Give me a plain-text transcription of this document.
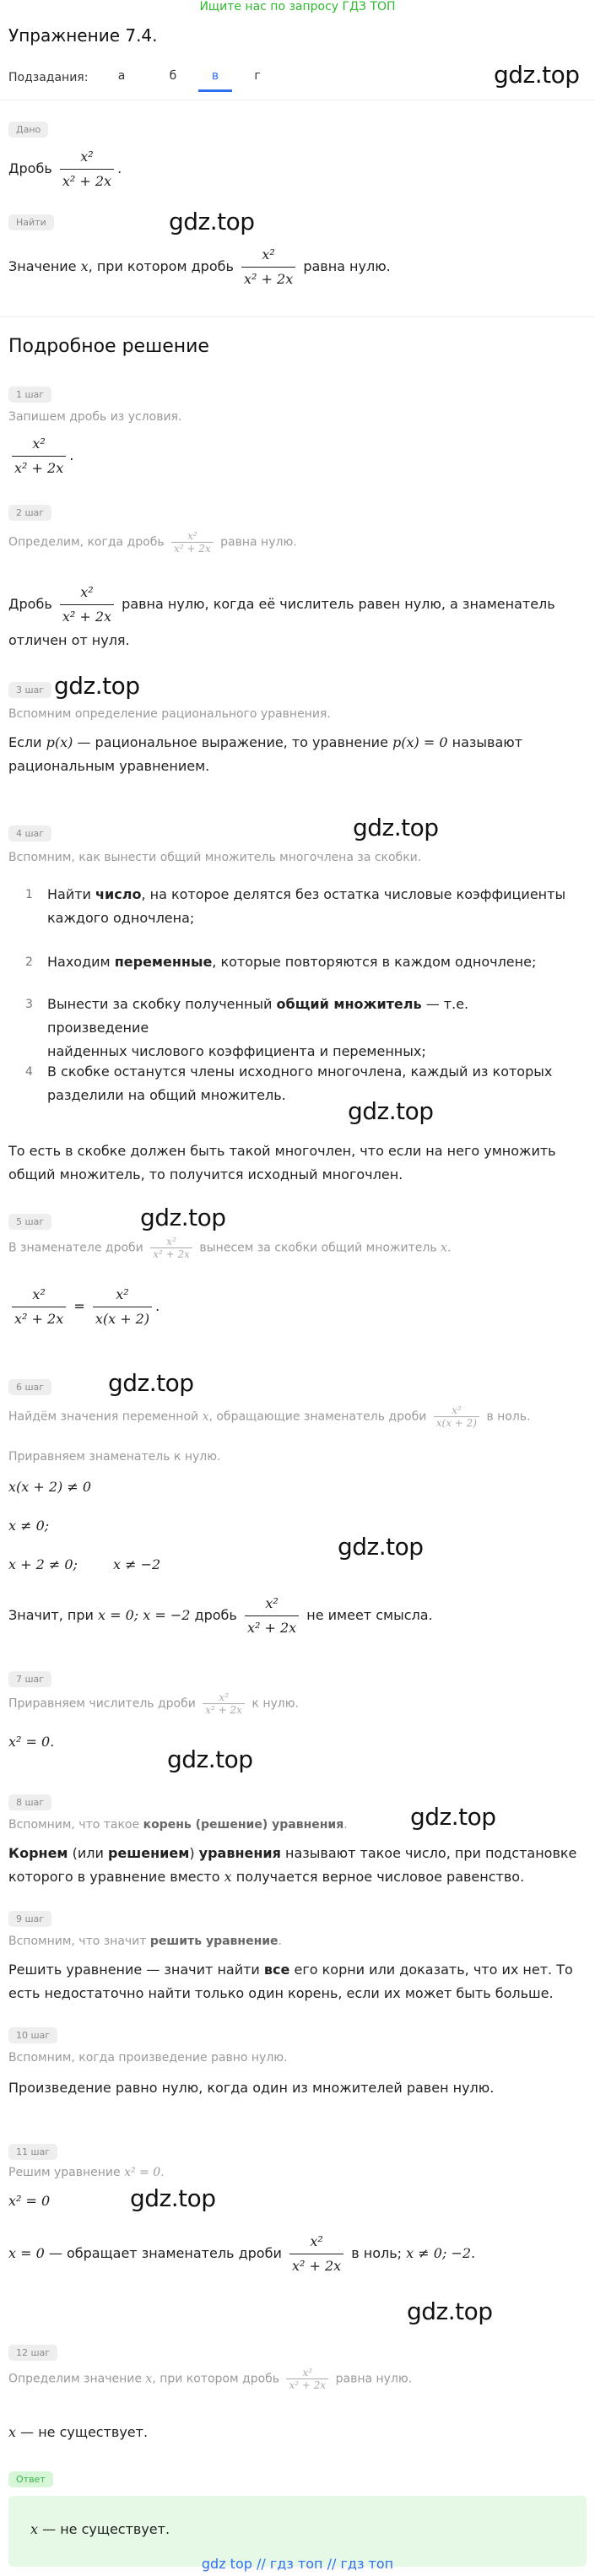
Ищите нас по запросу ГДЗ ТОП
Упражнение 7.4.
Подзадания:	а	б	в	г	gdz.top
Дано
Дробь $\frac{\text{x²}}{\text{x² + 2x}}$ .
Найти	gdz.top
Значение x, при котором дробь $\frac{\text{x²}}{\text{x² + 2x}}$ равна нулю.
Подробное решение
1 шаг
Запишем дробь из условия.
$\frac{\text{x²}}{\text{x² + 2x}}$ .
2 шаг
Определим, когда дробь $\frac{\text{x²}}{\text{x² + 2x}}$ равна нулю.
Дробь $\frac{\text{x²}}{\text{x² + 2x}}$ равна нулю, когда её числитель равен нулю, а знаменатель
отличен от нуля.
3 шаг gdz.top
Вспомним определение рационального уравнения.
Если p(x) — рациональное выражение, то уравнение p(x) = 0 называют
рациональным уравнением.
4 шаг	gdz.top
Вспомним, как вынести общий множитель многочлена за скобки.
1 Найти число, на которое делятся без остатка числовые коэффициенты
каждого одночлена;
2 Находим переменные, которые повторяются в каждом одночлене;
3 Вынести за скобку полученный общий множитель — т.е. произведение
найденных числового коэффициента и переменных;
4 В скобке останутся члены исходного многочлена, каждый из которых
разделили на общий множитель.
gdz.top
То есть в скобке должен быть такой многочлен, что если на него умножить
общий множитель, то получится исходный многочлен.
5 шаг	gdz.top
В знаменателе дроби $\frac{\text{x²}}{\text{x² + 2x}}$ вынесем за скобки общий множитель x.
$\frac{\text{x²}}{\text{x² + 2x}} = \frac{\text{x²}}{x(x + 2)}$ .
6 шаг	gdz.top
Найдём значения переменной x, обращающие знаменатель дроби $\frac{\text{x²}}{x(x + 2)}$ в ноль.
Приравняем знаменатель к нулю.
x(x + 2) ≠ 0
x ≠ 0;
x + 2 ≠ 0;	x ≠ −2
gdz.top
Значит, при x = 0; x = −2 дробь $\frac{\text{x²}}{\text{x² + 2x}}$ не имеет смысла.
7 шаг
Приравняем числитель дроби $\frac{\text{x²}}{\text{x² + 2x}}$ к нулю.
x² = 0.
gdz.top
8 шаг
gdz.top
Вспомним, что такое корень (решение) уравнения.
Корнем (или решением) уравнения называют такое число, при подстановке
которого в уравнение вместо x получается верное числовое равенство.
9 шаг
Вспомним, что значит решить уравнение.
Решить уравнение — значит найти все его корни или доказать, что их нет. То
есть недостаточно найти только один корень, если их может быть больше.
10 шаг
Вспомним, когда произведение равно нулю.
Произведение равно нулю, когда один из множителей равен нулю.
11 шаг
Решим уравнение x² = 0.
x² = 0	gdz.top
x = 0 — обращает знаменатель дроби $\frac{\text{x²}}{\text{x² + 2x}}$ в ноль; x ≠ 0; −2.
gdz.top
12 шаг
Определим значение x, при котором дробь $\frac{\text{x²}}{\text{x² + 2x}}$ равна нулю.
x — не существует.
Ответ
x — не существует.
gdz top // гдз топ // гдз топ
